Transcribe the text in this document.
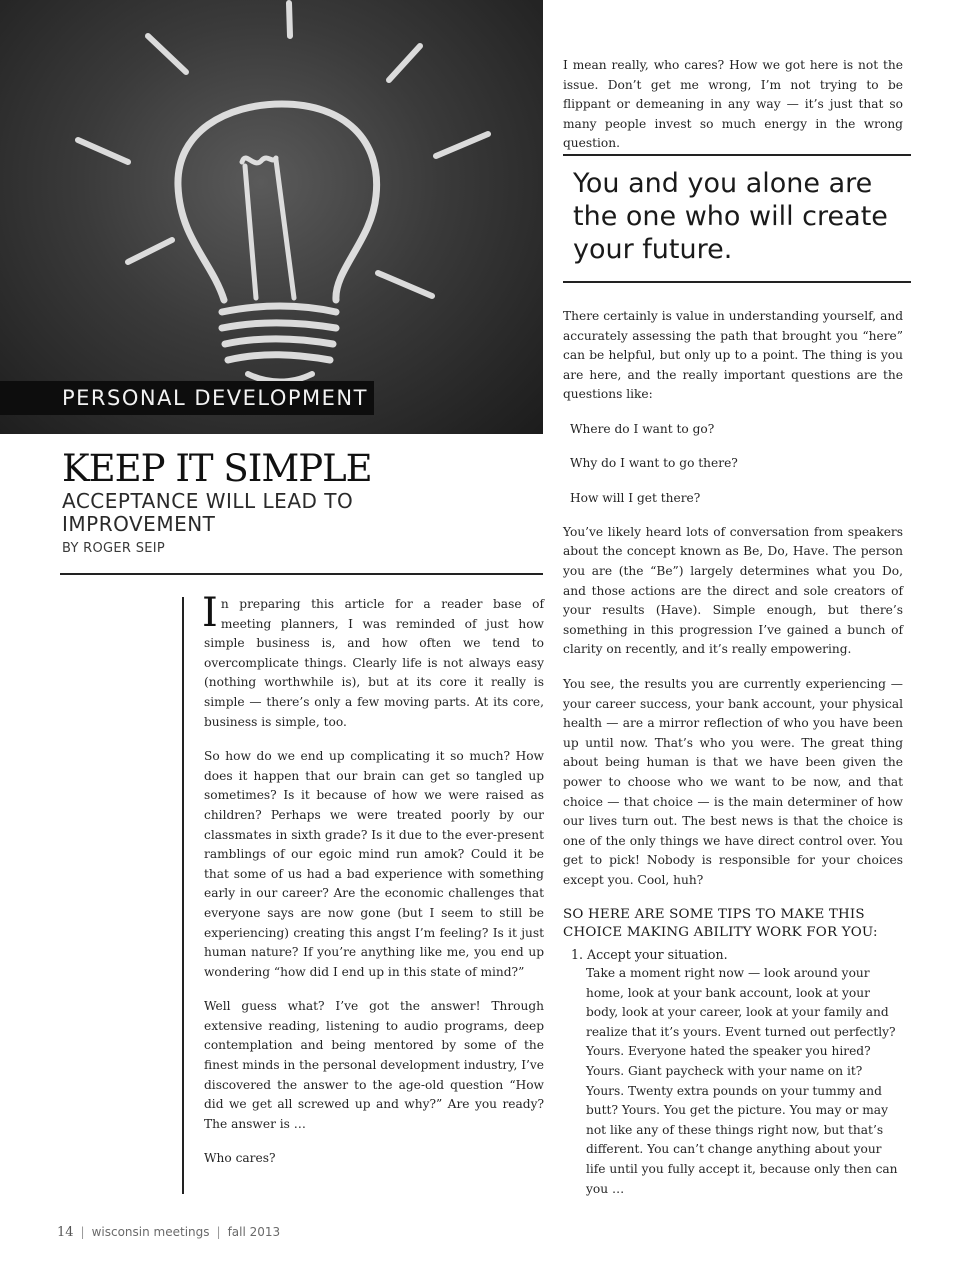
PERSONAL DEVELOPMENT
KEEP IT SIMPLE
ACCEPTANCE WILL LEAD TO IMPROVEMENT
BY ROGER SEIP

In preparing this article for a reader base of meeting planners, I was reminded of just how simple business is, and how often we tend to overcomplicate things. Clearly life is not always easy (nothing worthwhile is), but at its core it really is simple — there’s only a few moving parts. At its core, business is simple, too.

So how do we end up complicating it so much? How does it happen that our brain can get so tangled up sometimes? Is it because of how we were raised as children? Perhaps we were treated poorly by our classmates in sixth grade? Is it due to the ever-present ramblings of our egoic mind run amok? Could it be that some of us had a bad experience with something early in our career? Are the economic challenges that everyone says are now gone (but I seem to still be experiencing) creating this angst I’m feeling? Is it just human nature? If you’re anything like me, you end up wondering “how did I end up in this state of mind?”

Well guess what? I’ve got the answer! Through extensive reading, listening to audio programs, deep contemplation and being mentored by some of the finest minds in the personal development industry, I’ve discovered the answer to the age-old question “How did we get all screwed up and why?” Are you ready? The answer is …

Who cares?

I mean really, who cares? How we got here is not the issue. Don’t get me wrong, I’m not trying to be flippant or demeaning in any way — it’s just that so many people invest so much energy in the wrong question.

You and you alone are the one who will create your future.

There certainly is value in understanding yourself, and accurately assessing the path that brought you “here” can be helpful, but only up to a point. The thing is you are here, and the really important questions are the questions like:

Where do I want to go?

Why do I want to go there?

How will I get there?

You’ve likely heard lots of conversation from speakers about the concept known as Be, Do, Have. The person you are (the “Be”) largely determines what you Do, and those actions are the direct and sole creators of your results (Have). Simple enough, but there’s something in this progression I’ve gained a bunch of clarity on recently, and it’s really empowering.

You see, the results you are currently experiencing — your career success, your bank account, your physical health — are a mirror reflection of who you have been up until now. That’s who you were. The great thing about being human is that we have been given the power to choose who we want to be now, and that choice — that choice — is the main determiner of how our lives turn out. The best news is that the choice is one of the only things we have direct control over. You get to pick! Nobody is responsible for your choices except you. Cool, huh?

SO HERE ARE SOME TIPS TO MAKE THIS CHOICE MAKING ABILITY WORK FOR YOU:
1. Accept your situation.

Take a moment right now — look around your home, look at your bank account, look at your body, look at your career, look at your family and realize that it’s yours. Event turned out perfectly? Yours. Everyone hated the speaker you hired? Yours. Giant paycheck with your name on it? Yours. Twenty extra pounds on your tummy and butt? Yours. You get the picture. You may or may not like any of these things right now, but that’s different. You can’t change anything about your life until you fully accept it, because only then can you …

14 | wisconsin meetings | fall 2013
